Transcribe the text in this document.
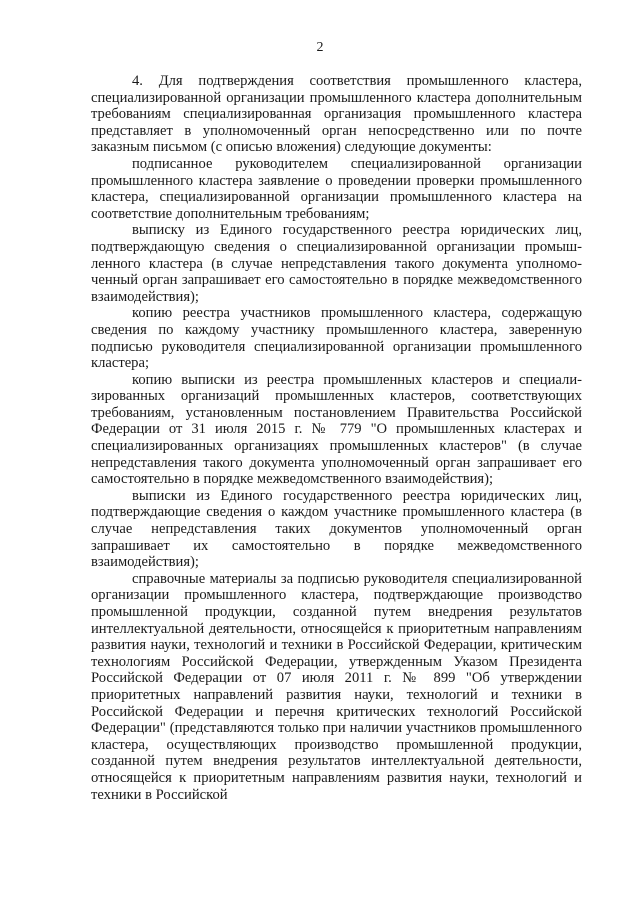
2

4. Для подтверждения соответствия промышленного кластера, специализированной организации промышленного кластера дополнительным требованиям специализированная организация промышленного кластера представляет в уполномоченный орган непосредственно или по почте заказным письмом (с описью вложения) следующие документы:

подписанное руководителем специализированной организации промышленного кластера заявление о проведении проверки промышленного кластера, специализированной организации промышленного кластера на соответствие дополнительным требованиям;

выписку из Единого государственного реестра юридических лиц, подтверждающую сведения о специализированной организации промышленного кластера (в случае непредставления такого документа уполномоченный орган запрашивает его самостоятельно в порядке межведомственного взаимодействия);

копию реестра участников промышленного кластера, содержащую сведения по каждому участнику промышленного кластера, заверенную подписью руководителя специализированной организации промышленного кластера;

копию выписки из реестра промышленных кластеров и специализированных организаций промышленных кластеров, соответствующих требованиям, установленным постановлением Правительства Российской Федерации от 31 июля 2015 г. № 779 "О промышленных кластерах и специализированных организациях промышленных кластеров" (в случае непредставления такого документа уполномоченный орган запрашивает его самостоятельно в порядке межведомственного взаимодействия);

выписки из Единого государственного реестра юридических лиц, подтверждающие сведения о каждом участнике промышленного кластера (в случае непредставления таких документов уполномоченный орган запрашивает их самостоятельно в порядке межведомственного взаимодействия);

справочные материалы за подписью руководителя специализированной организации промышленного кластера, подтверждающие производство промышленной продукции, созданной путем внедрения результатов интеллектуальной деятельности, относящейся к приоритетным направлениям развития науки, технологий и техники в Российской Федерации, критическим технологиям Российской Федерации, утвержденным Указом Президента Российской Федерации от 07 июля 2011 г. № 899 "Об утверждении приоритетных направлений развития науки, технологий и техники в Российской Федерации и перечня критических технологий Российской Федерации" (представляются только при наличии участников промышленного кластера, осуществляющих производство промышленной продукции, созданной путем внедрения результатов интеллектуальной деятельности, относящейся к приоритетным направлениям развития науки, технологий и техники в Российской
